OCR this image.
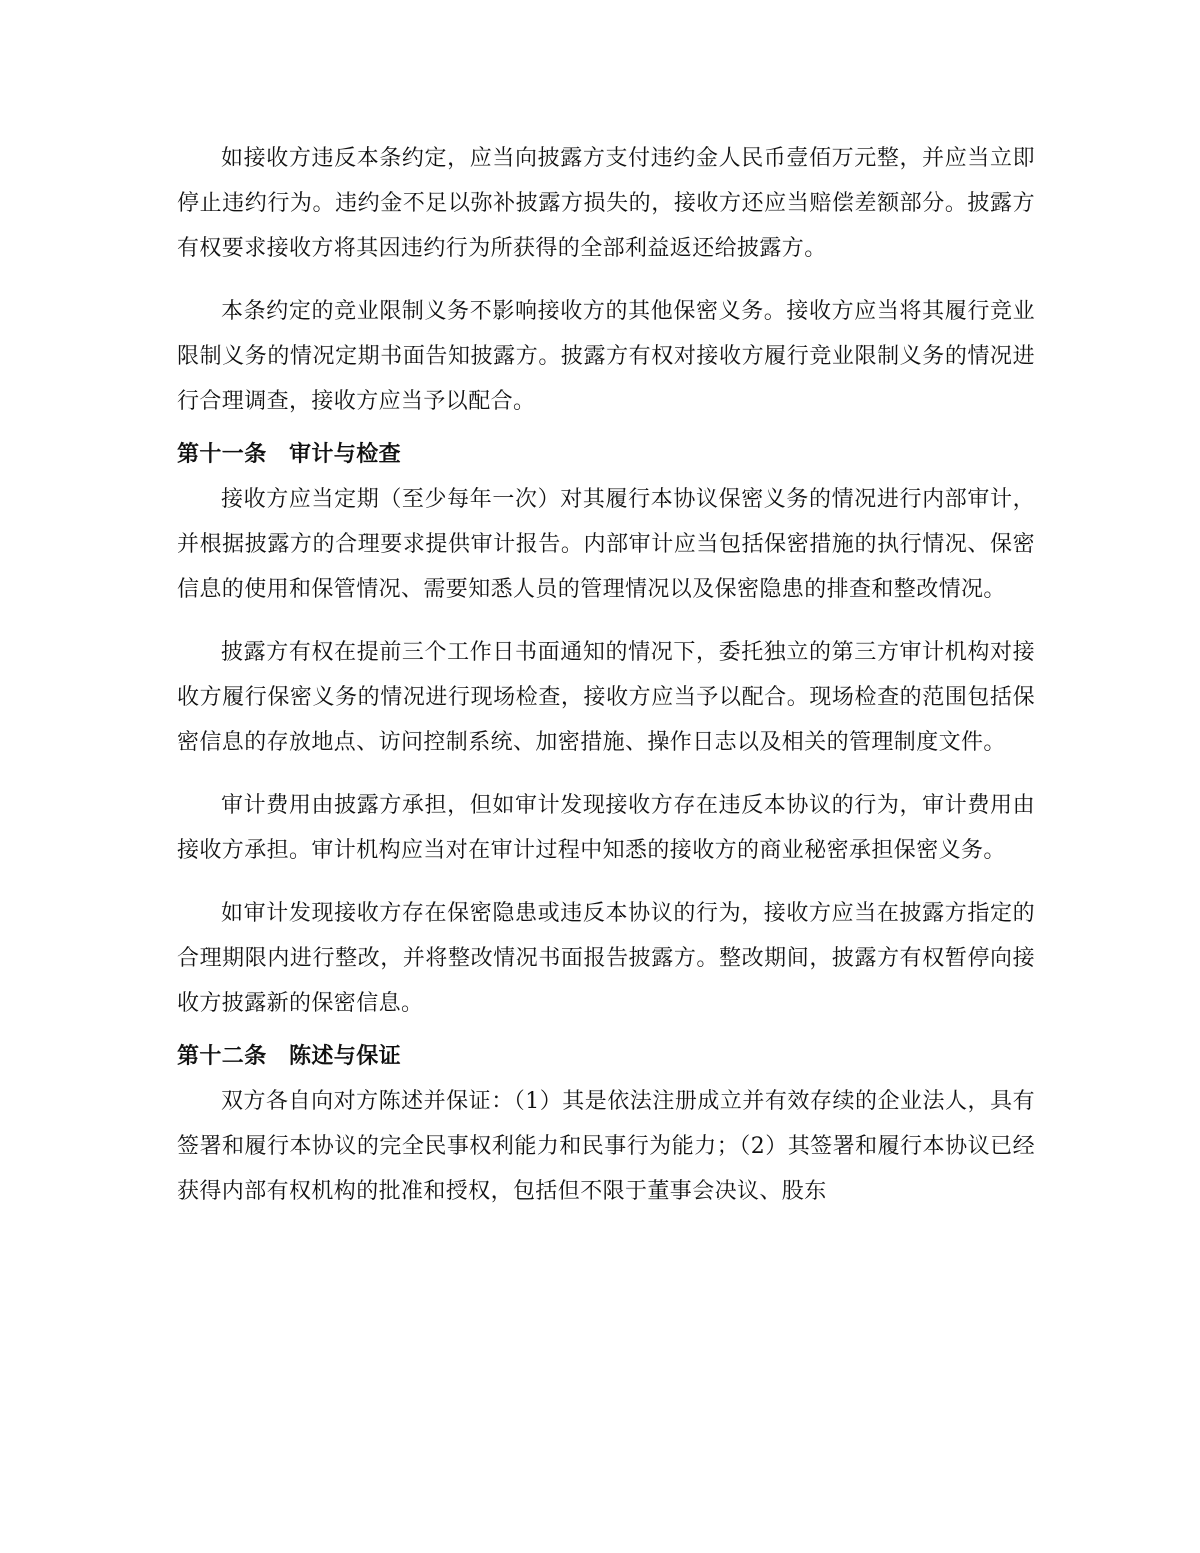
如接收方违反本条约定，应当向披露方支付违约金人民币壹佰万元整，并应当立即停止违约行为。违约金不足以弥补披露方损失的，接收方还应当赔偿差额部分。披露方有权要求接收方将其因违约行为所获得的全部利益返还给披露方。

本条约定的竞业限制义务不影响接收方的其他保密义务。接收方应当将其履行竞业限制义务的情况定期书面告知披露方。披露方有权对接收方履行竞业限制义务的情况进行合理调查，接收方应当予以配合。

第十一条　审计与检查

接收方应当定期（至少每年一次）对其履行本协议保密义务的情况进行内部审计，并根据披露方的合理要求提供审计报告。内部审计应当包括保密措施的执行情况、保密信息的使用和保管情况、需要知悉人员的管理情况以及保密隐患的排查和整改情况。

披露方有权在提前三个工作日书面通知的情况下，委托独立的第三方审计机构对接收方履行保密义务的情况进行现场检查，接收方应当予以配合。现场检查的范围包括保密信息的存放地点、访问控制系统、加密措施、操作日志以及相关的管理制度文件。

审计费用由披露方承担，但如审计发现接收方存在违反本协议的行为，审计费用由接收方承担。审计机构应当对在审计过程中知悉的接收方的商业秘密承担保密义务。

如审计发现接收方存在保密隐患或违反本协议的行为，接收方应当在披露方指定的合理期限内进行整改，并将整改情况书面报告披露方。整改期间，披露方有权暂停向接收方披露新的保密信息。

第十二条　陈述与保证

双方各自向对方陈述并保证：（1）其是依法注册成立并有效存续的企业法人，具有签署和履行本协议的完全民事权利能力和民事行为能力；（2）其签署和履行本协议已经获得内部有权机构的批准和授权，包括但不限于董事会决议、股东
